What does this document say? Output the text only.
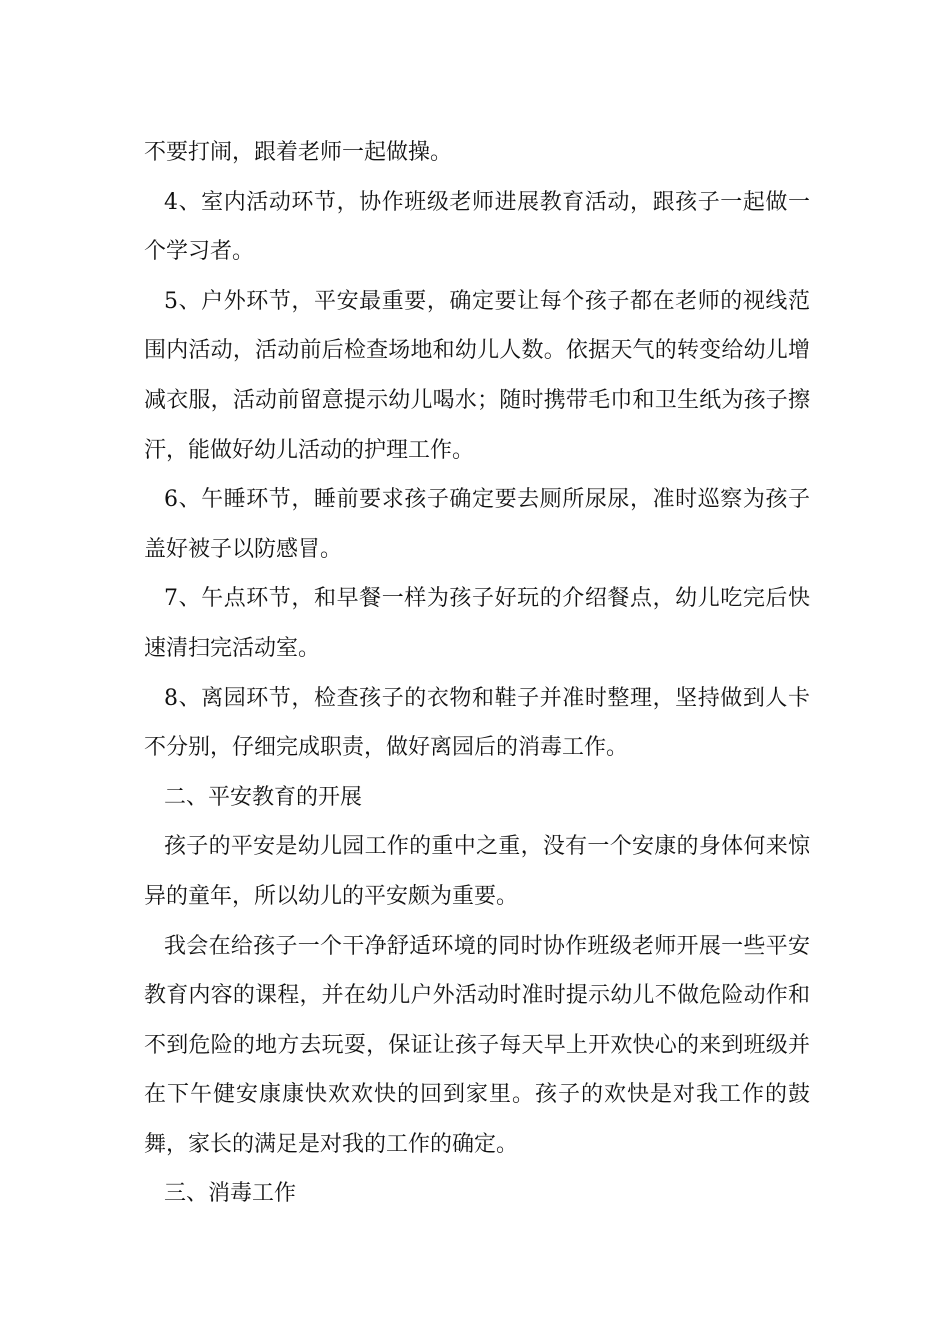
不要打闹，跟着老师一起做操。

4、室内活动环节，协作班级老师进展教育活动，跟孩子一起做一个学习者。

5、户外环节，平安最重要，确定要让每个孩子都在老师的视线范围内活动，活动前后检查场地和幼儿人数。依据天气的转变给幼儿增减衣服，活动前留意提示幼儿喝水；随时携带毛巾和卫生纸为孩子擦汗，能做好幼儿活动的护理工作。

6、午睡环节，睡前要求孩子确定要去厕所尿尿，准时巡察为孩子盖好被子以防感冒。

7、午点环节，和早餐一样为孩子好玩的介绍餐点，幼儿吃完后快速清扫完活动室。

8、离园环节，检查孩子的衣物和鞋子并准时整理，坚持做到人卡不分别，仔细完成职责，做好离园后的消毒工作。

二、平安教育的开展

孩子的平安是幼儿园工作的重中之重，没有一个安康的身体何来惊异的童年，所以幼儿的平安颇为重要。

我会在给孩子一个干净舒适环境的同时协作班级老师开展一些平安教育内容的课程，并在幼儿户外活动时准时提示幼儿不做危险动作和不到危险的地方去玩耍，保证让孩子每天早上开欢快心的来到班级并在下午健安康康快欢欢快的回到家里。孩子的欢快是对我工作的鼓舞，家长的满足是对我的工作的确定。

三、消毒工作
